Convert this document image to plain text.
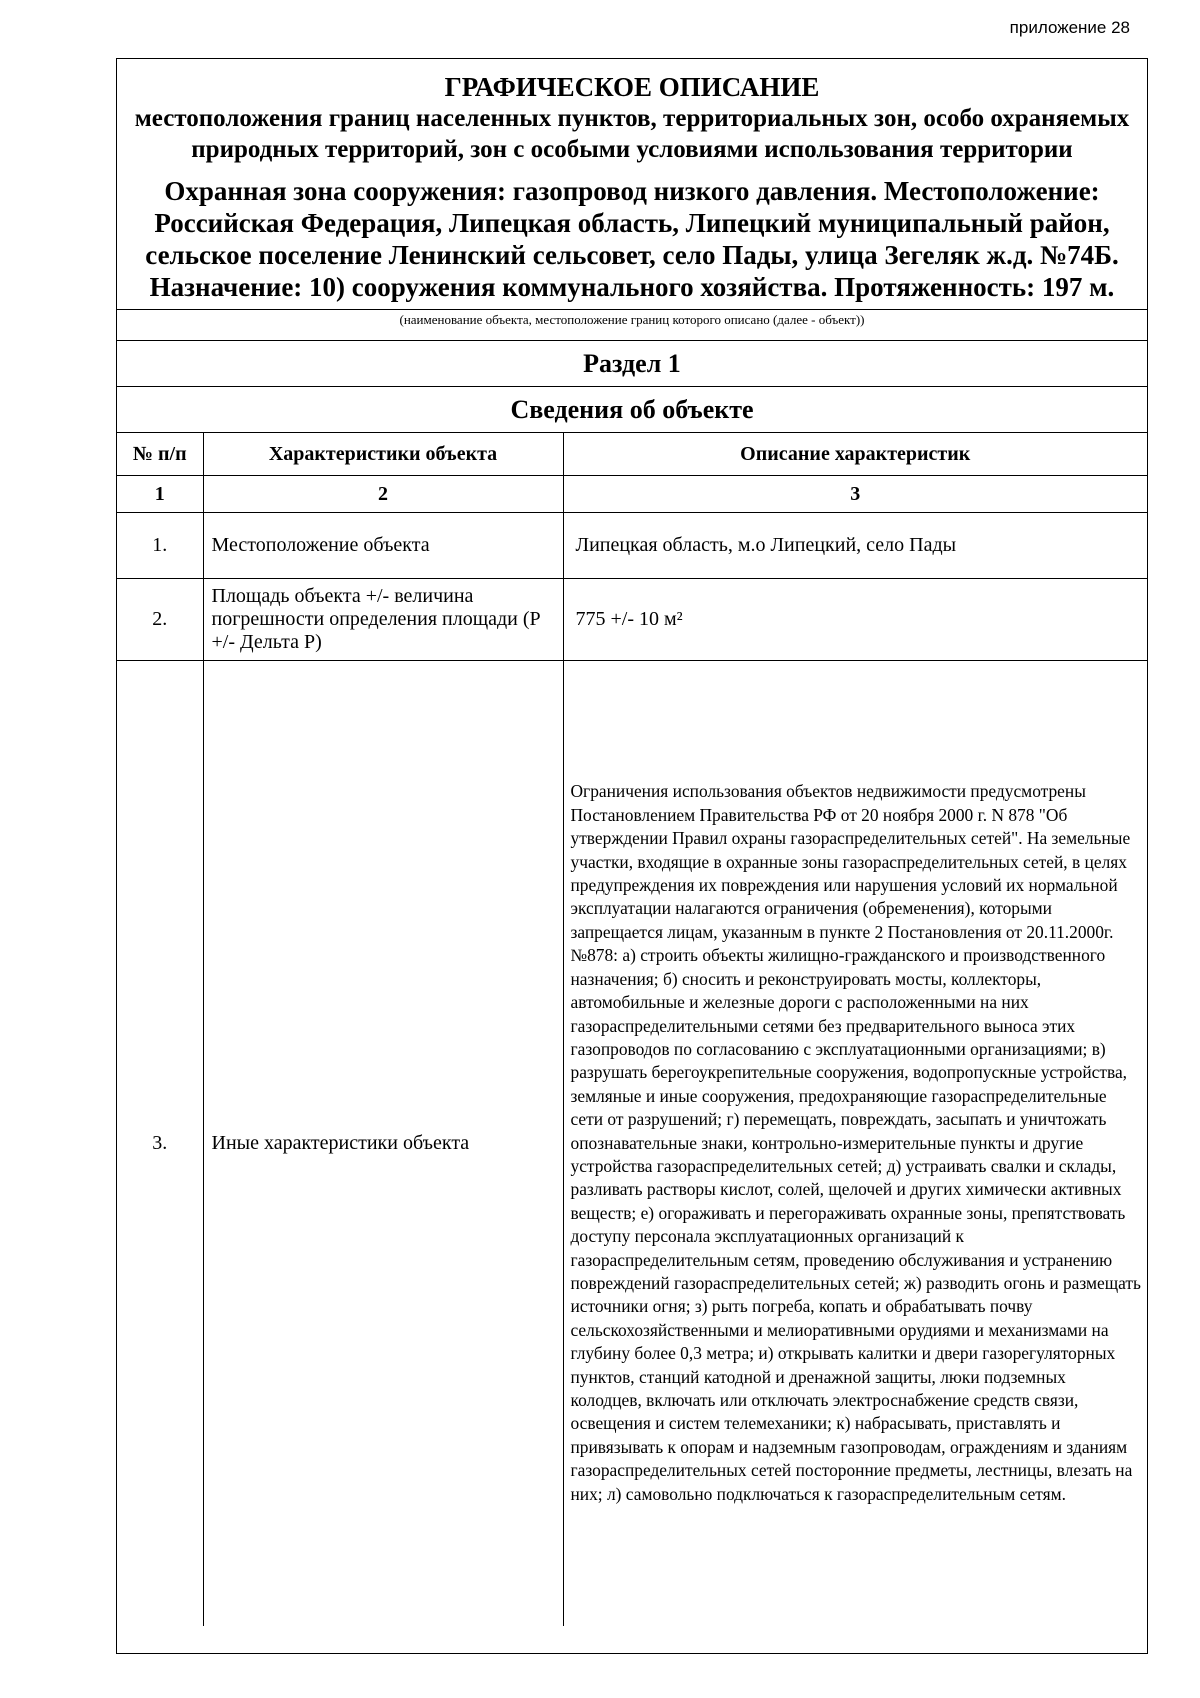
приложение 28
ГРАФИЧЕСКОЕ ОПИСАНИЕ
местоположения границ населенных пунктов, территориальных зон, особо охраняемых природных территорий, зон с особыми условиями использования территории
Охранная зона сооружения: газопровод низкого давления. Местоположение: Российская Федерация, Липецкая область, Липецкий муниципальный район, сельское поселение Ленинский сельсовет, село Пады, улица Зегеляк ж.д. №74Б. Назначение: 10) сооружения коммунального хозяйства. Протяженность: 197 м.
(наименование объекта, местоположение границ которого описано (далее - объект))
Раздел 1		
Сведения об объекте		
№ п/п	Характеристики объекта	Описание характеристик
1	2	3
1.	Местоположение объекта	Липецкая область, м.о Липецкий, село Пады
2.	Площадь объекта +/- величина погрешности определения площади (Р +/- Дельта Р)	775 +/- 10 м²
3.	Иные характеристики объекта	Ограничения использования объектов недвижимости предусмотрены Постановлением Правительства РФ от 20 ноября 2000 г. N 878 "Об утверждении Правил охраны газораспределительных сетей". На земельные участки, входящие в охранные зоны газораспределительных сетей, в целях предупреждения их повреждения или нарушения условий их нормальной эксплуатации налагаются ограничения (обременения), которыми запрещается лицам, указанным в пункте 2 Постановления от 20.11.2000г. №878: а) строить объекты жилищно-гражданского и производственного назначения; б) сносить и реконструировать мосты, коллекторы, автомобильные и железные дороги с расположенными на них газораспределительными сетями без предварительного выноса этих газопроводов по согласованию с эксплуатационными организациями; в) разрушать берегоукрепительные сооружения, водопропускные устройства, земляные и иные сооружения, предохраняющие газораспределительные сети от разрушений; г) перемещать, повреждать, засыпать и уничтожать опознавательные знаки, контрольно-измерительные пункты и другие устройства газораспределительных сетей; д) устраивать свалки и склады, разливать растворы кислот, солей, щелочей и других химически активных веществ; е) огораживать и перегораживать охранные зоны, препятствовать доступу персонала эксплуатационных организаций к газораспределительным сетям, проведению обслуживания и устранению повреждений газораспределительных сетей; ж) разводить огонь и размещать источники огня; з) рыть погреба, копать и обрабатывать почву сельскохозяйственными и мелиоративными орудиями и механизмами на глубину более 0,3 метра; и) открывать калитки и двери газорегуляторных пунктов, станций катодной и дренажной защиты, люки подземных колодцев, включать или отключать электроснабжение средств связи, освещения и систем телемеханики; к) набрасывать, приставлять и привязывать к опорам и надземным газопроводам, ограждениям и зданиям газораспределительных сетей посторонние предметы, лестницы, влезать на них; л) самовольно подключаться к газораспределительным сетям.
